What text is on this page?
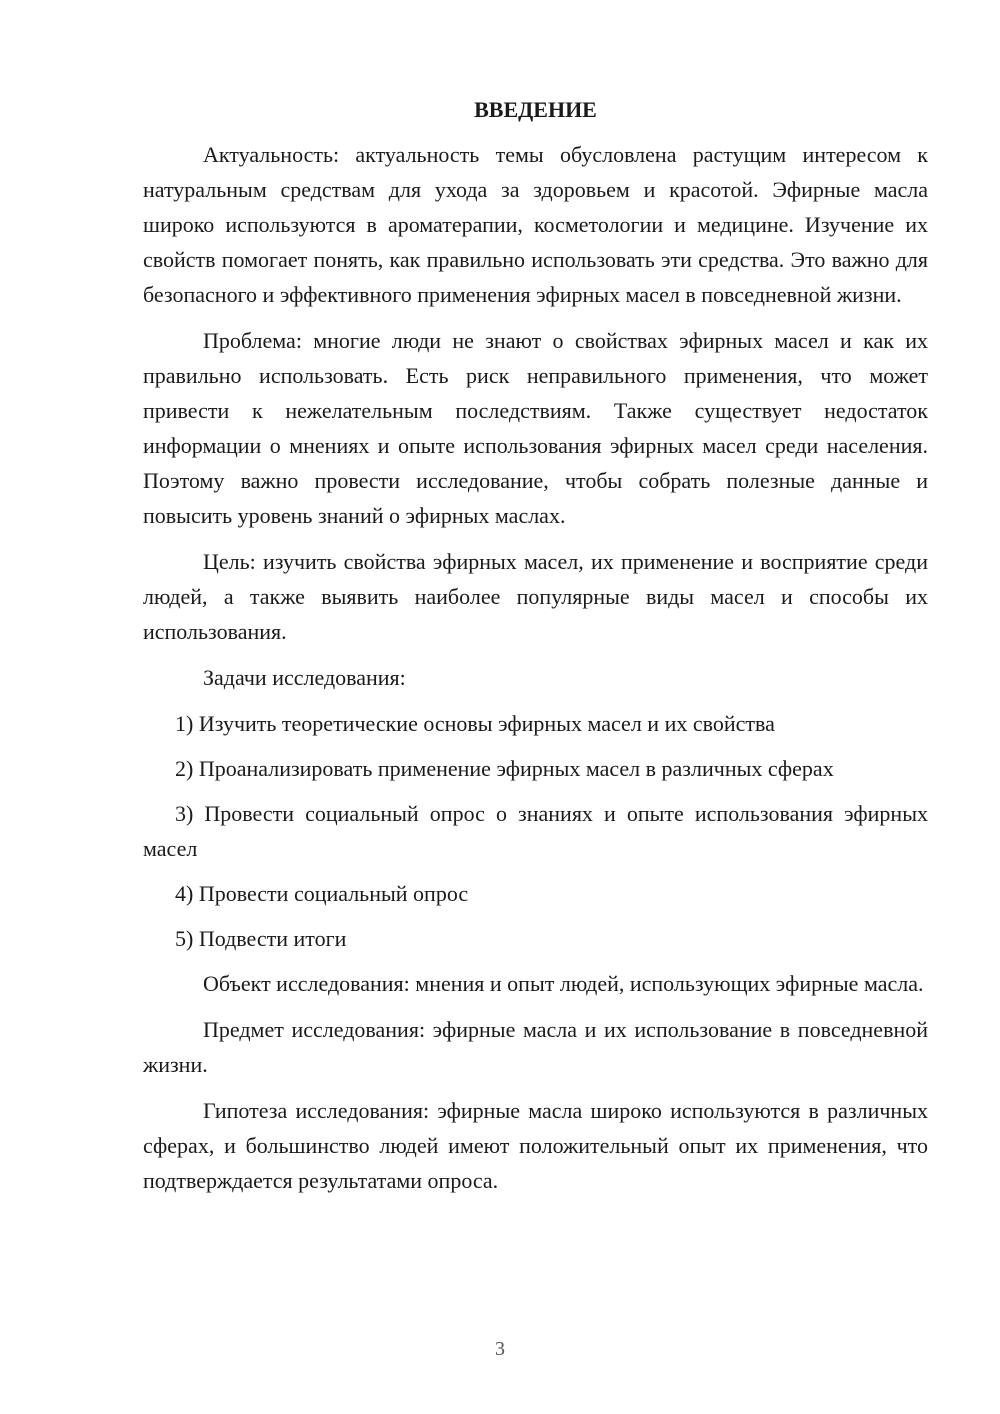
ВВЕДЕНИЕ

Актуальность: актуальность темы обусловлена растущим интересом к натуральным средствам для ухода за здоровьем и красотой. Эфирные масла широко используются в ароматерапии, косметологии и медицине. Изучение их свойств помогает понять, как правильно использовать эти средства. Это важно для безопасного и эффективного применения эфирных масел в повседневной жизни.

Проблема: многие люди не знают о свойствах эфирных масел и как их правильно использовать. Есть риск неправильного применения, что может привести к нежелательным последствиям. Также существует недостаток информации о мнениях и опыте использования эфирных масел среди населения. Поэтому важно провести исследование, чтобы собрать полезные данные и повысить уровень знаний о эфирных маслах.

Цель: изучить свойства эфирных масел, их применение и восприятие среди людей, а также выявить наиболее популярные виды масел и способы их использования.

Задачи исследования:

1) Изучить теоретические основы эфирных масел и их свойства

2) Проанализировать применение эфирных масел в различных сферах

3) Провести социальный опрос о знаниях и опыте использования эфирных масел

4) Провести социальный опрос

5) Подвести итоги

Объект исследования: мнения и опыт людей, использующих эфирные масла.

Предмет исследования: эфирные масла и их использование в повседневной жизни.

Гипотеза исследования: эфирные масла широко используются в различных сферах, и большинство людей имеют положительный опыт их применения, что подтверждается результатами опроса.

3
